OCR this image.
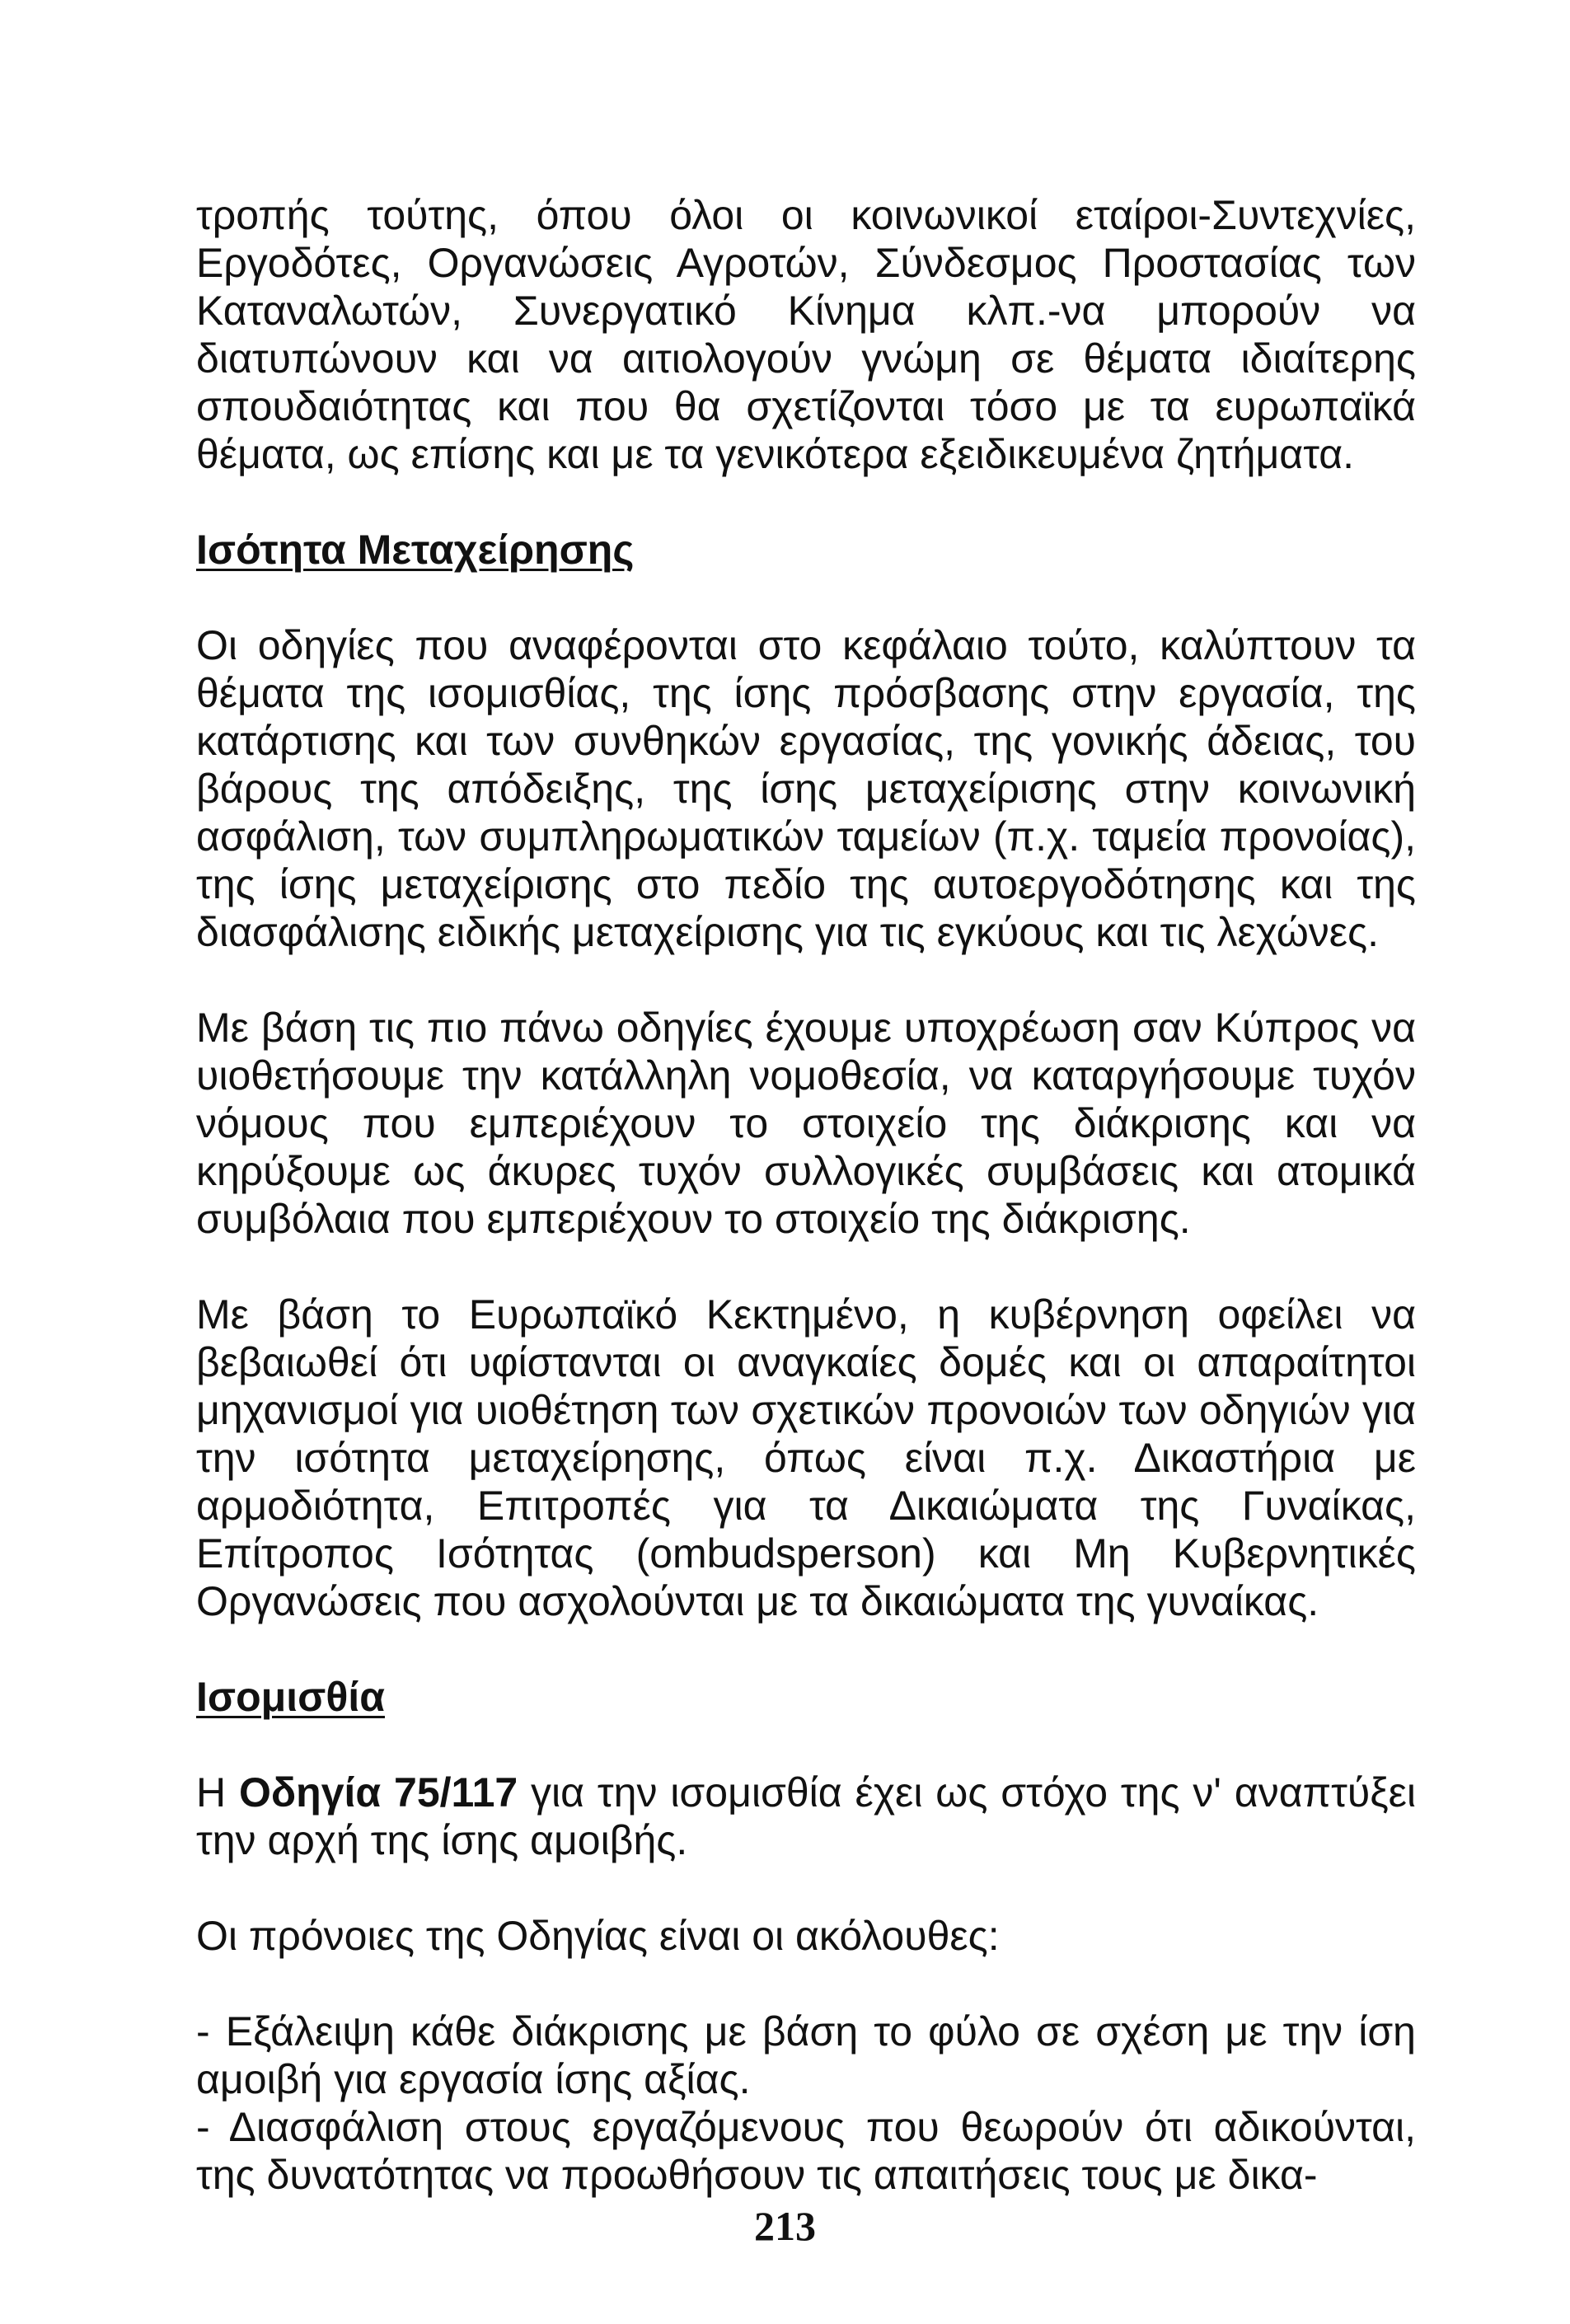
τροπής τούτης, όπου όλοι οι κοινωνικοί εταίροι-Συντεχνίες, Εργοδότες, Οργανώσεις Αγροτών, Σύνδεσμος Προστασίας των Καταναλωτών, Συνεργατικό Κίνημα κλπ.-να μπορούν να διατυπώνουν και να αιτιολογούν γνώμη σε θέματα ιδιαίτερης σπουδαιότητας και που θα σχετίζονται τόσο με τα ευρωπαϊκά θέματα, ως επίσης και με τα γενικότερα εξειδικευμένα ζητήματα.

Ισότητα Μεταχείρησης

Οι οδηγίες που αναφέρονται στο κεφάλαιο τούτο, καλύπτουν τα θέματα της ισομισθίας, της ίσης πρόσβασης στην εργασία, της κατάρτισης και των συνθηκών εργασίας, της γονικής άδειας, του βάρους της απόδειξης, της ίσης μεταχείρισης στην κοινωνική ασφάλιση, των συμπληρωματικών ταμείων (π.χ. ταμεία προνοίας), της ίσης μεταχείρισης στο πεδίο της αυτοεργοδότησης και της διασφάλισης ειδικής μεταχείρισης για τις εγκύους και τις λεχώνες.

Με βάση τις πιο πάνω οδηγίες έχουμε υποχρέωση σαν Κύπρος να υιοθετήσουμε την κατάλληλη νομοθεσία, να καταργήσουμε τυχόν νόμους που εμπεριέχουν το στοιχείο της διάκρισης και να κηρύξουμε ως άκυρες τυχόν συλλογικές συμβάσεις και ατομικά συμβόλαια που εμπεριέχουν το στοιχείο της διάκρισης.

Με βάση το Ευρωπαϊκό Κεκτημένο, η κυβέρνηση οφείλει να βεβαιωθεί ότι υφίστανται οι αναγκαίες δομές και οι απαραίτητοι μηχανισμοί για υιοθέτηση των σχετικών προνοιών των οδηγιών για την ισότητα μεταχείρησης, όπως είναι π.χ. Δικαστήρια με αρμοδιότητα, Επιτροπές για τα Δικαιώματα της Γυναίκας, Επίτροπος Ισότητας (ombudsperson) και Μη Κυβερνητικές Οργανώσεις που ασχολούνται με τα δικαιώματα της γυναίκας.

Ισομισθία

Η Οδηγία 75/117 για την ισομισθία έχει ως στόχο της ν' αναπτύξει την αρχή της ίσης αμοιβής.

Οι πρόνοιες της Οδηγίας είναι οι ακόλουθες:

- Εξάλειψη κάθε διάκρισης με βάση το φύλο σε σχέση με την ίση αμοιβή για εργασία ίσης αξίας.

- Διασφάλιση στους εργαζόμενους που θεωρούν ότι αδικούνται, της δυνατότητας να προωθήσουν τις απαιτήσεις τους με δικα-

213
